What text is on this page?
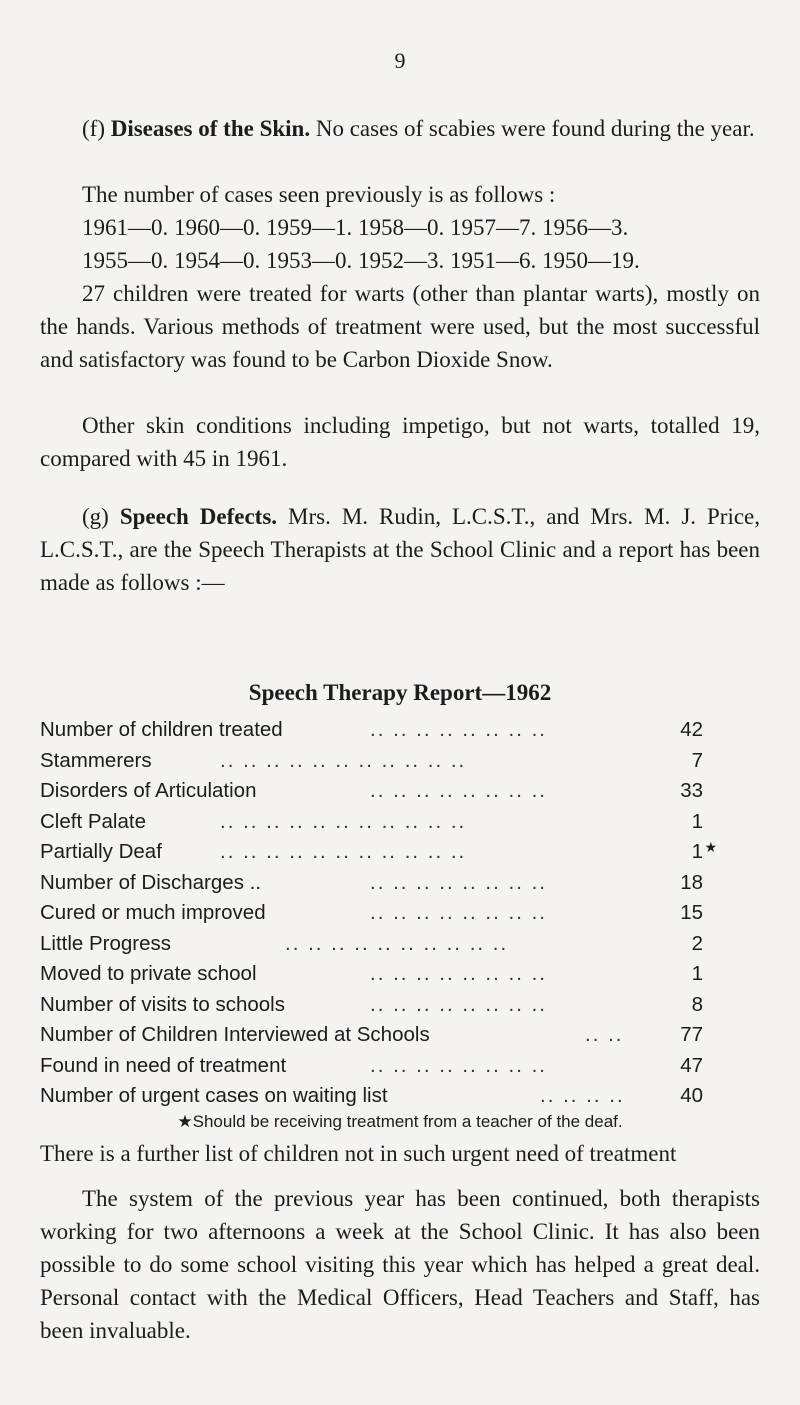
9
(f) Diseases of the Skin. No cases of scabies were found during the year.
The number of cases seen previously is as follows :
1961—0. 1960—0. 1959—1. 1958—0. 1957—7. 1956—3.
1955—0. 1954—0. 1953—0. 1952—3. 1951—6. 1950—19.
27 children were treated for warts (other than plantar warts), mostly on the hands. Various methods of treatment were used, but the most successful and satisfactory was found to be Carbon Dioxide Snow.
Other skin conditions including impetigo, but not warts, totalled 19, compared with 45 in 1961.
(g) Speech Defects. Mrs. M. Rudin, L.C.S.T., and Mrs. M. J. Price, L.C.S.T., are the Speech Therapists at the School Clinic and a report has been made as follows :—
Speech Therapy Report—1962
Number of children treated	.. .. .. .. .. .. .. ..	42
Stammerers	.. .. .. .. .. .. .. .. .. .. ..	7
Disorders of Articulation	.. .. .. .. .. .. .. ..	33
Cleft Palate	.. .. .. .. .. .. .. .. .. .. ..	1
Partially Deaf	.. .. .. .. .. .. .. .. .. .. ..	1 ★
Number of Discharges ..	.. .. .. .. .. .. .. ..	18
Cured or much improved	.. .. .. .. .. .. .. ..	15
Little Progress	.. .. .. .. .. .. .. .. .. ..	2
Moved to private school	.. .. .. .. .. .. .. ..	1
Number of visits to schools	.. .. .. .. .. .. .. ..	8
Number of Children Interviewed at Schools	.. ..	77
Found in need of treatment	.. .. .. .. .. .. .. ..	47
Number of urgent cases on waiting list	.. .. .. ..	40
★Should be receiving treatment from a teacher of the deaf.
There is a further list of children not in such urgent need of treatment
The system of the previous year has been continued, both therapists working for two afternoons a week at the School Clinic. It has also been possible to do some school visiting this year which has helped a great deal. Personal contact with the Medical Officers, Head Teachers and Staff, has been invaluable.
